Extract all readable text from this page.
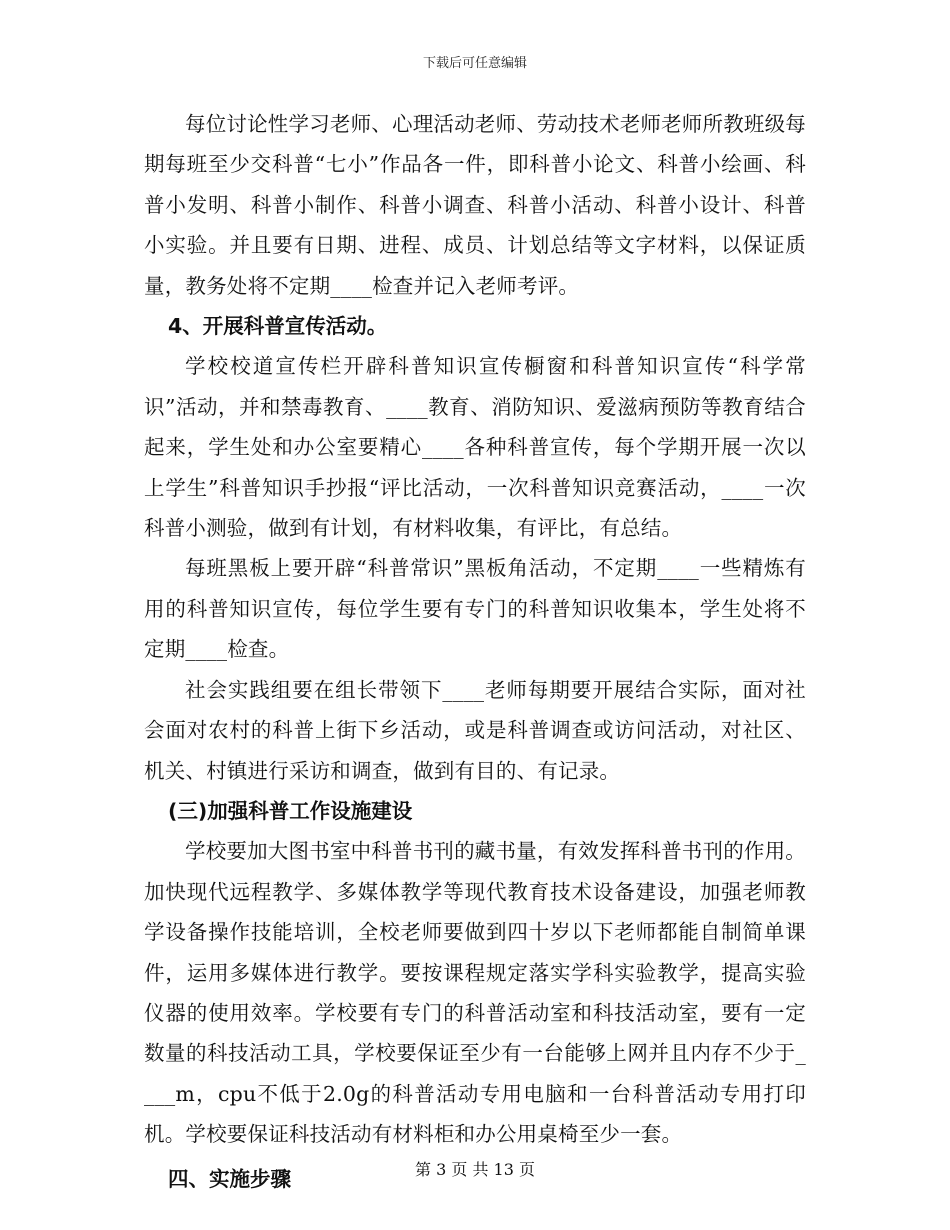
下载后可任意编辑

每位讨论性学习老师、心理活动老师、劳动技术老师老师所教班级每期每班至少交科普“七小”作品各一件，即科普小论文、科普小绘画、科普小发明、科普小制作、科普小调查、科普小活动、科普小设计、科普小实验。并且要有日期、进程、成员、计划总结等文字材料，以保证质量，教务处将不定期____检查并记入老师考评。

4、开展科普宣传活动。

学校校道宣传栏开辟科普知识宣传橱窗和科普知识宣传“科学常识”活动，并和禁毒教育、____教育、消防知识、爱滋病预防等教育结合起来，学生处和办公室要精心____各种科普宣传，每个学期开展一次以上学生”科普知识手抄报“评比活动，一次科普知识竞赛活动，____一次科普小测验，做到有计划，有材料收集，有评比，有总结。

每班黑板上要开辟“科普常识”黑板角活动，不定期____一些精炼有用的科普知识宣传，每位学生要有专门的科普知识收集本，学生处将不定期____检查。

社会实践组要在组长带领下____老师每期要开展结合实际，面对社会面对农村的科普上街下乡活动，或是科普调查或访问活动，对社区、机关、村镇进行采访和调查，做到有目的、有记录。

(三)加强科普工作设施建设

学校要加大图书室中科普书刊的藏书量，有效发挥科普书刊的作用。加快现代远程教学、多媒体教学等现代教育技术设备建设，加强老师教学设备操作技能培训，全校老师要做到四十岁以下老师都能自制简单课件，运用多媒体进行教学。要按课程规定落实学科实验教学，提高实验仪器的使用效率。学校要有专门的科普活动室和科技活动室，要有一定数量的科技活动工具，学校要保证至少有一台能够上网并且内存不少于____m，cpu不低于2.0g的科普活动专用电脑和一台科普活动专用打印机。学校要保证科技活动有材料柜和办公用桌椅至少一套。

四、实施步骤	第 3 页 共 13 页
